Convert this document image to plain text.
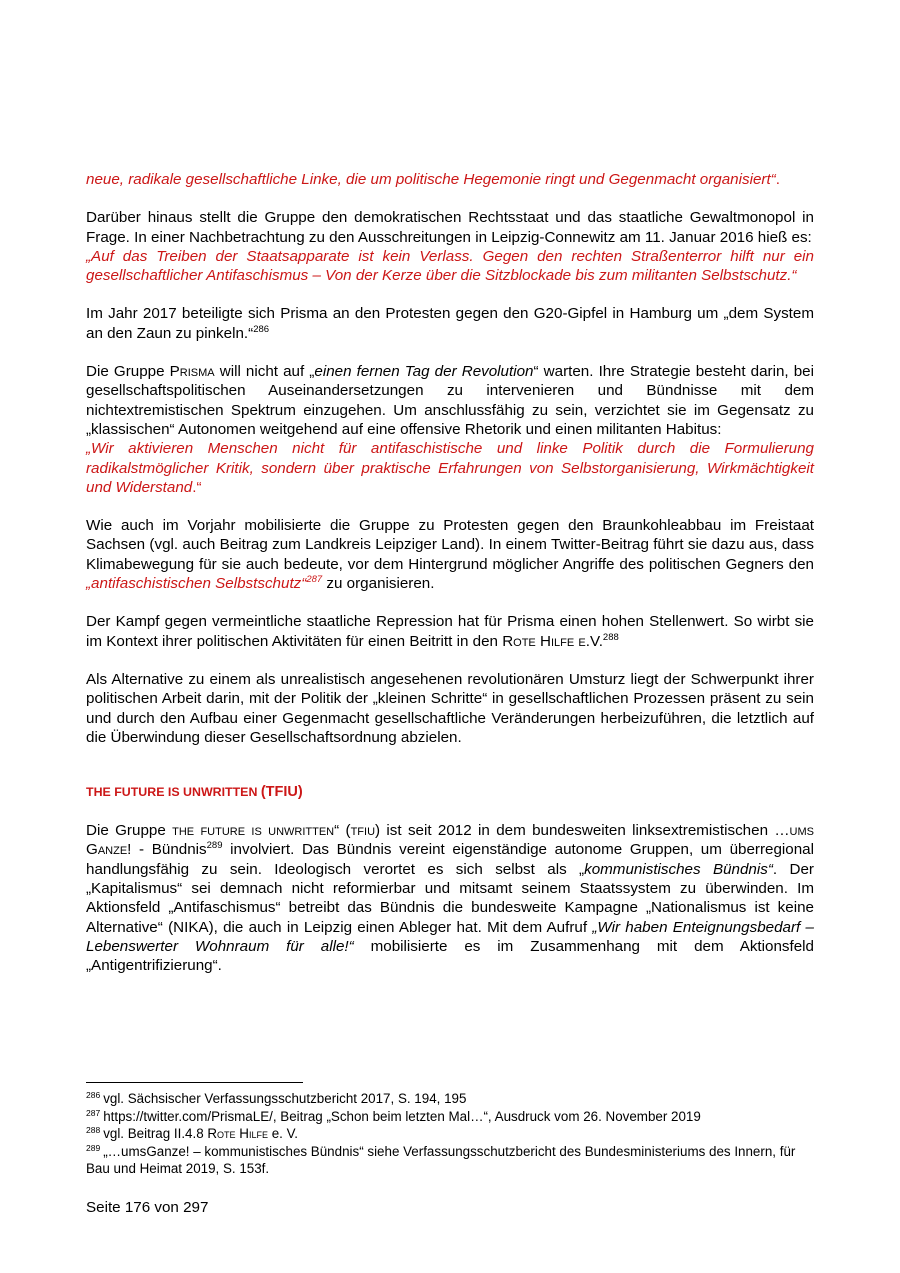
neue, radikale gesellschaftliche Linke, die um politische Hegemonie ringt und Gegenmacht organisiert“.

Darüber hinaus stellt die Gruppe den demokratischen Rechtsstaat und das staatliche Gewaltmonopol in Frage. In einer Nachbetrachtung zu den Ausschreitungen in Leipzig-Connewitz am 11. Januar 2016 hieß es:
„Auf das Treiben der Staatsapparate ist kein Verlass. Gegen den rechten Straßenterror hilft nur ein gesellschaftlicher Antifaschismus – Von der Kerze über die Sitzblockade bis zum militanten Selbstschutz.“

Im Jahr 2017 beteiligte sich Prisma an den Protesten gegen den G20-Gipfel in Hamburg um „dem System an den Zaun zu pinkeln.“$^{286}$

Die Gruppe Prisma will nicht auf „einen fernen Tag der Revolution“ warten. Ihre Strategie besteht darin, bei gesellschaftspolitischen Auseinandersetzungen zu intervenieren und Bündnisse mit dem nichtextremistischen Spektrum einzugehen. Um anschlussfähig zu sein, verzichtet sie im Gegensatz zu „klassischen“ Autonomen weitgehend auf eine offensive Rhetorik und einen militanten Habitus:
„Wir aktivieren Menschen nicht für antifaschistische und linke Politik durch die Formulierung radikalstmöglicher Kritik, sondern über praktische Erfahrungen von Selbstorganisierung, Wirkmächtigkeit und Widerstand.“

Wie auch im Vorjahr mobilisierte die Gruppe zu Protesten gegen den Braunkohleabbau im Freistaat Sachsen (vgl. auch Beitrag zum Landkreis Leipziger Land). In einem Twitter-Beitrag führt sie dazu aus, dass Klimabewegung für sie auch bedeute, vor dem Hintergrund möglicher Angriffe des politischen Gegners den „antifaschistischen Selbstschutz“$^{287}$ zu organisieren.

Der Kampf gegen vermeintliche staatliche Repression hat für Prisma einen hohen Stellenwert. So wirbt sie im Kontext ihrer politischen Aktivitäten für einen Beitritt in den Rote Hilfe e.V.$^{288}$

Als Alternative zu einem als unrealistisch angesehenen revolutionären Umsturz liegt der Schwerpunkt ihrer politischen Arbeit darin, mit der Politik der „kleinen Schritte“ in gesellschaftlichen Prozessen präsent zu sein und durch den Aufbau einer Gegenmacht gesellschaftliche Veränderungen herbeizuführen, die letztlich auf die Überwindung dieser Gesellschaftsordnung abzielen.

THE FUTURE IS UNWRITTEN (TFIU)

Die Gruppe the future is unwritten“ (tfiu) ist seit 2012 in dem bundesweiten linksextremistischen …ums Ganze! - Bündnis$^{289}$ involviert. Das Bündnis vereint eigenständige autonome Gruppen, um überregional handlungsfähig zu sein. Ideologisch verortet es sich selbst als „kommunistisches Bündnis“. Der „Kapitalismus“ sei demnach nicht reformierbar und mitsamt seinem Staatssystem zu überwinden. Im Aktionsfeld „Antifaschismus“ betreibt das Bündnis die bundesweite Kampagne „Nationalismus ist keine Alternative“ (NIKA), die auch in Leipzig einen Ableger hat. Mit dem Aufruf „Wir haben Enteignungsbedarf – Lebenswerter Wohnraum für alle!“ mobilisierte es im Zusammenhang mit dem Aktionsfeld „Antigentrifizierung“.

$^{286}$ vgl. Sächsischer Verfassungsschutzbericht 2017, S. 194, 195

$^{287}$ https://twitter.com/PrismaLE/, Beitrag „Schon beim letzten Mal…“, Ausdruck vom 26. November 2019

$^{288}$ vgl. Beitrag II.4.8 Rote Hilfe e. V.

$^{289}$ „…umsGanze! – kommunistisches Bündnis“ siehe Verfassungsschutzbericht des Bundesministeriums des Innern, für Bau und Heimat 2019, S. 153f.

Seite 176 von 297
